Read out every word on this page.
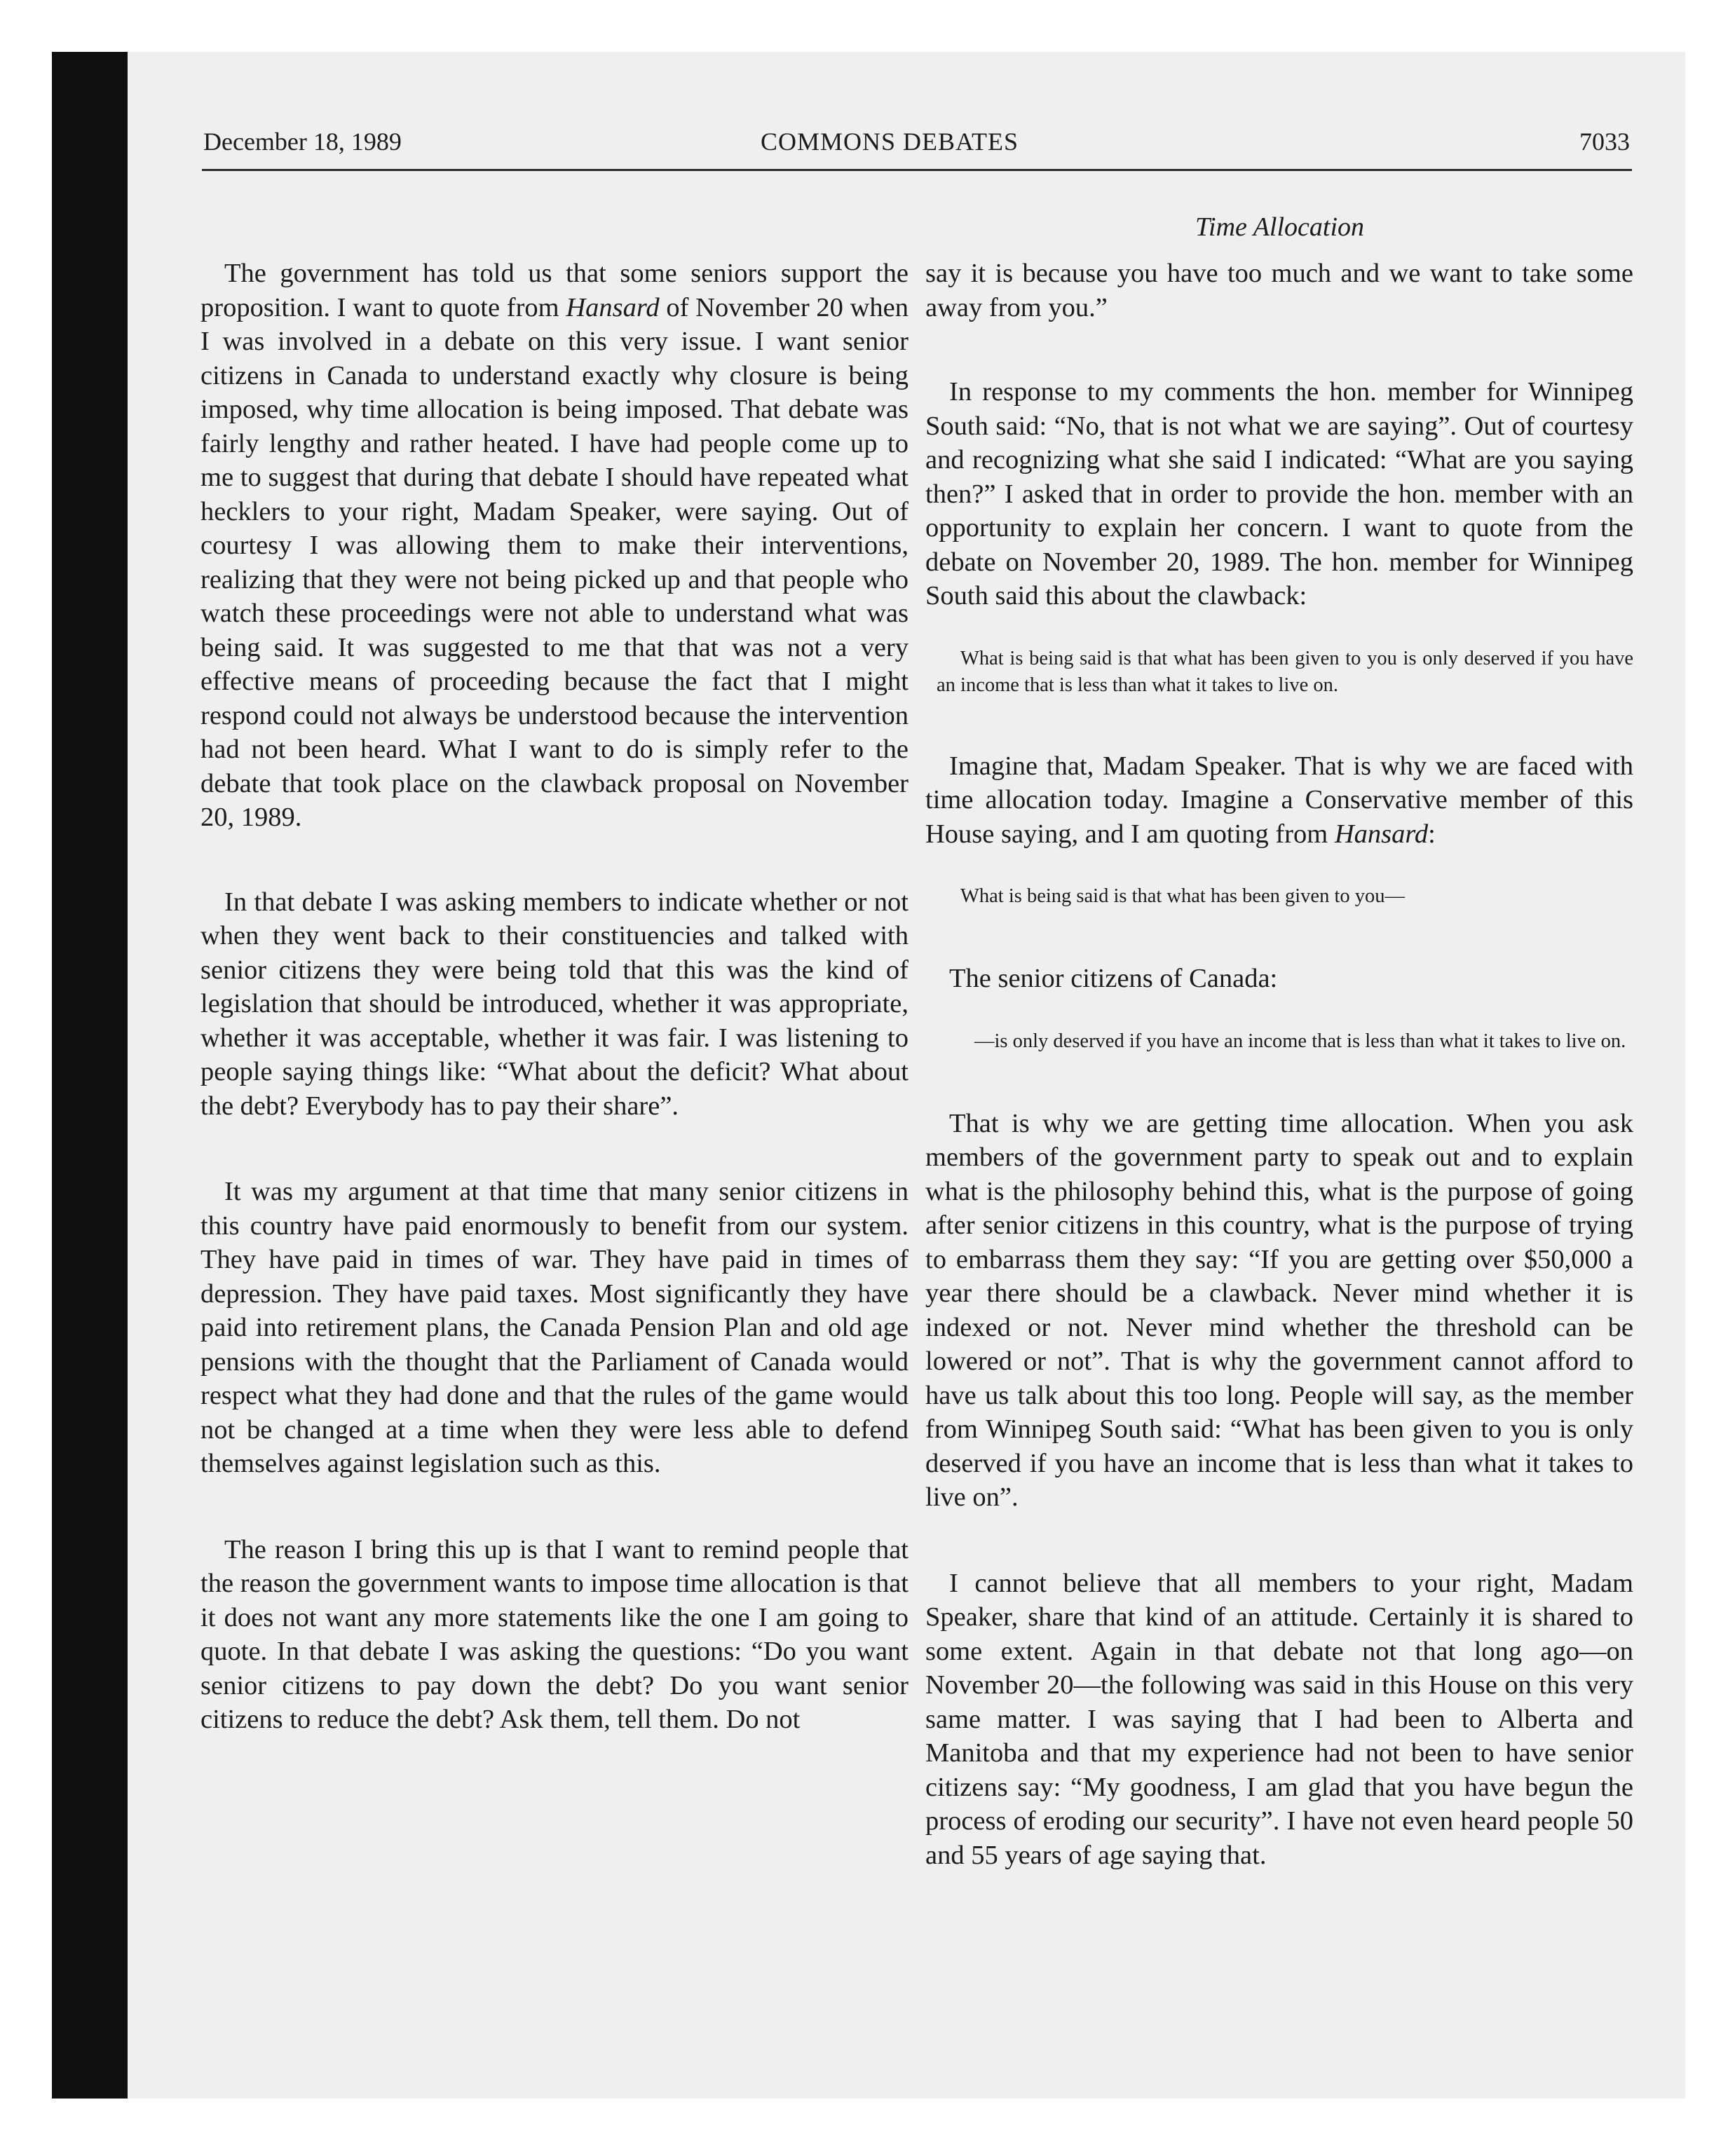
December 18, 1989	COMMONS DEBATES	7033
Time Allocation

The government has told us that some seniors support the proposition. I want to quote from Hansard of November 20 when I was involved in a debate on this very issue. I want senior citizens in Canada to understand exactly why closure is being imposed, why time allocation is being imposed. That debate was fairly lengthy and rather heated. I have had people come up to me to suggest that during that debate I should have repeated what hecklers to your right, Madam Speaker, were saying. Out of courtesy I was allowing them to make their interventions, realizing that they were not being picked up and that people who watch these proceedings were not able to understand what was being said. It was suggested to me that that was not a very effective means of proceeding because the fact that I might respond could not always be understood because the intervention had not been heard. What I want to do is simply refer to the debate that took place on the clawback proposal on November 20, 1989.

In that debate I was asking members to indicate whether or not when they went back to their constituencies and talked with senior citizens they were being told that this was the kind of legislation that should be introduced, whether it was appropriate, whether it was acceptable, whether it was fair. I was listening to people saying things like: “What about the deficit? What about the debt? Everybody has to pay their share”.

It was my argument at that time that many senior citizens in this country have paid enormously to benefit from our system. They have paid in times of war. They have paid in times of depression. They have paid taxes. Most significantly they have paid into retirement plans, the Canada Pension Plan and old age pensions with the thought that the Parliament of Canada would respect what they had done and that the rules of the game would not be changed at a time when they were less able to defend themselves against legislation such as this.

The reason I bring this up is that I want to remind people that the reason the government wants to impose time allocation is that it does not want any more statements like the one I am going to quote. In that debate I was asking the questions: “Do you want senior citizens to pay down the debt? Do you want senior citizens to reduce the debt? Ask them, tell them. Do not

say it is because you have too much and we want to take some away from you.”

In response to my comments the hon. member for Winnipeg South said: “No, that is not what we are saying”. Out of courtesy and recognizing what she said I indicated: “What are you saying then?” I asked that in order to provide the hon. member with an opportunity to explain her concern. I want to quote from the debate on November 20, 1989. The hon. member for Winnipeg South said this about the clawback:

What is being said is that what has been given to you is only deserved if you have an income that is less than what it takes to live on.

Imagine that, Madam Speaker. That is why we are faced with time allocation today. Imagine a Conservative member of this House saying, and I am quoting from Hansard:

What is being said is that what has been given to you—

The senior citizens of Canada:

—is only deserved if you have an income that is less than what it takes to live on.

That is why we are getting time allocation. When you ask members of the government party to speak out and to explain what is the philosophy behind this, what is the purpose of going after senior citizens in this country, what is the purpose of trying to embarrass them they say: “If you are getting over $50,000 a year there should be a clawback. Never mind whether it is indexed or not. Never mind whether the threshold can be lowered or not”. That is why the government cannot afford to have us talk about this too long. People will say, as the member from Winnipeg South said: “What has been given to you is only deserved if you have an income that is less than what it takes to live on”.

I cannot believe that all members to your right, Madam Speaker, share that kind of an attitude. Certainly it is shared to some extent. Again in that debate not that long ago—on November 20—the following was said in this House on this very same matter. I was saying that I had been to Alberta and Manitoba and that my experience had not been to have senior citizens say: “My goodness, I am glad that you have begun the process of eroding our security”. I have not even heard people 50 and 55 years of age saying that.
